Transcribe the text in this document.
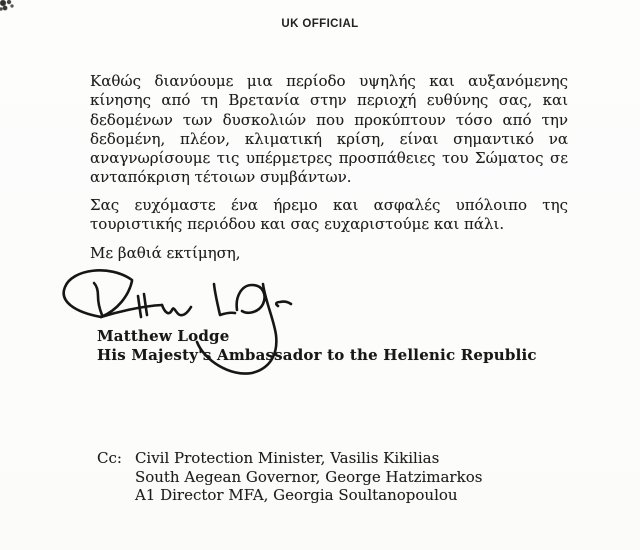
UK OFFICIAL

Καθώς διανύουμε μια περίοδο υψηλής και αυξανόμενης κίνησης από τη Βρετανία στην περιοχή ευθύνης σας, και δεδομένων των δυσκολιών που προκύπτουν τόσο από την δεδομένη, πλέον, κλιματική κρίση, είναι σημαντικό να αναγνωρίσουμε τις υπέρμετρες προσπάθειες του Σώματος σε ανταπόκριση τέτοιων συμβάντων.

Σας ευχόμαστε ένα ήρεμο και ασφαλές υπόλοιπο της τουριστικής περιόδου και σας ευχαριστούμε και πάλι.

Με βαθιά εκτίμηση,
Matthew Lodge
His Majesty's Ambassador to the Hellenic Republic
Cc: Civil Protection Minister, Vasilis Kikilias
South Aegean Governor, George Hatzimarkos
A1 Director MFA, Georgia Soultanopoulou
